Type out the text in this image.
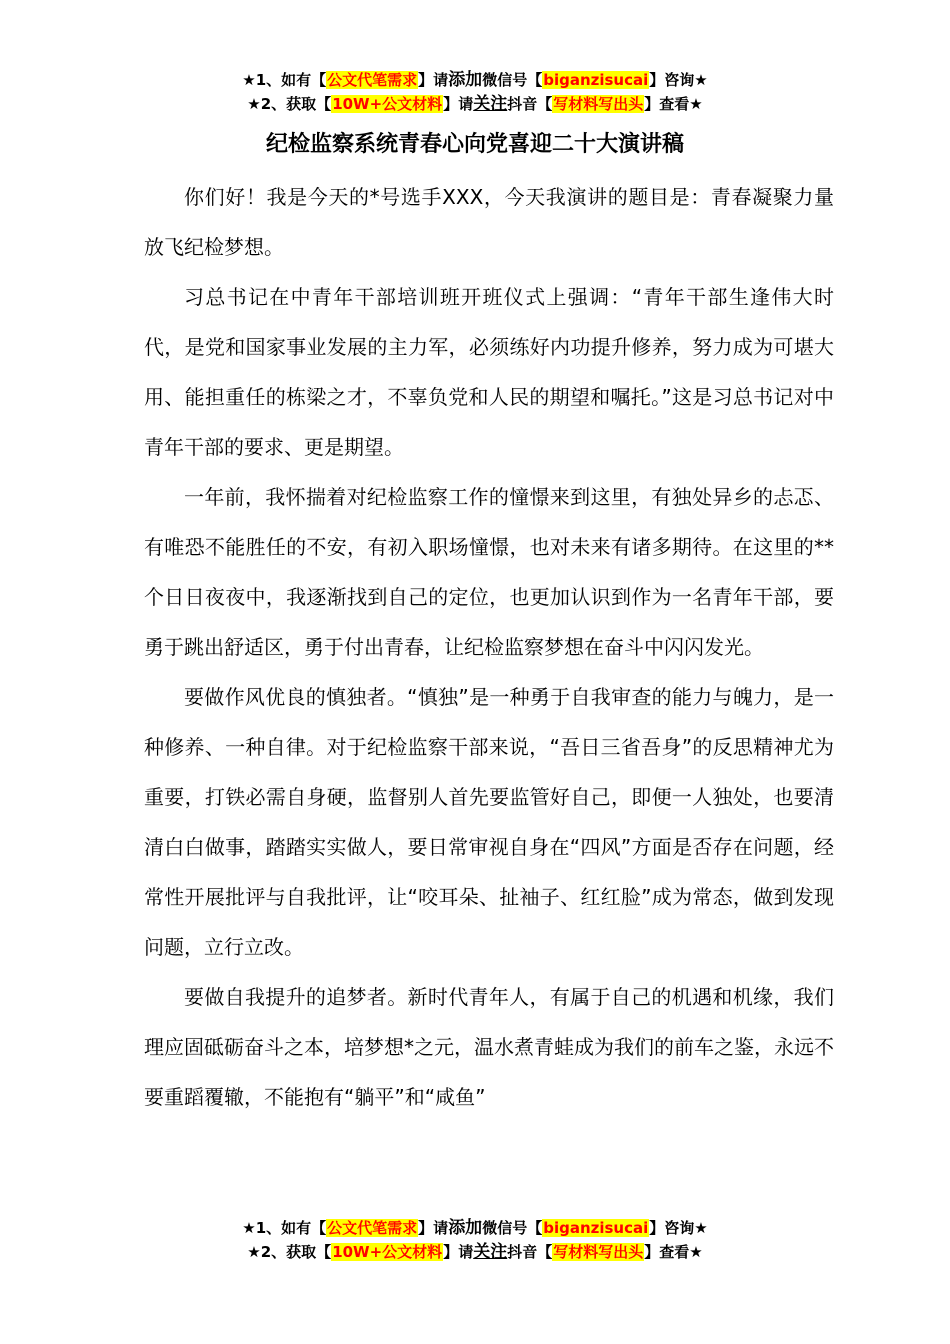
★1、如有【公文代笔需求】请添加微信号【biganzisucai】咨询★
★2、获取【10W+公文材料】请关注抖音【写材料写出头】查看★
纪检监察系统青春心向党喜迎二十大演讲稿

你们好！我是今天的*号选手XXX，今天我演讲的题目是：青春凝聚力量 放飞纪检梦想。

习总书记在中青年干部培训班开班仪式上强调：“青年干部生逢伟大时代，是党和国家事业发展的主力军，必须练好内功提升修养，努力成为可堪大用、能担重任的栋梁之才，不辜负党和人民的期望和嘱托。”这是习总书记对中青年干部的要求、更是期望。

一年前，我怀揣着对纪检监察工作的憧憬来到这里，有独处异乡的忐忑、有唯恐不能胜任的不安，有初入职场憧憬，也对未来有诸多期待。在这里的**个日日夜夜中，我逐渐找到自己的定位，也更加认识到作为一名青年干部，要勇于跳出舒适区，勇于付出青春，让纪检监察梦想在奋斗中闪闪发光。

要做作风优良的慎独者。“慎独”是一种勇于自我审查的能力与魄力，是一种修养、一种自律。对于纪检监察干部来说，“吾日三省吾身”的反思精神尤为重要，打铁必需自身硬，监督别人首先要监管好自己，即便一人独处，也要清清白白做事，踏踏实实做人，要日常审视自身在“四风”方面是否存在问题，经常性开展批评与自我批评，让“咬耳朵、扯袖子、红红脸”成为常态，做到发现问题，立行立改。

要做自我提升的追梦者。新时代青年人，有属于自己的机遇和机缘，我们理应固砥砺奋斗之本，培梦想*之元，温水煮青蛙成为我们的前车之鉴，永远不要重蹈覆辙，不能抱有“躺平”和“咸鱼”

★1、如有【公文代笔需求】请添加微信号【biganzisucai】咨询★
★2、获取【10W+公文材料】请关注抖音【写材料写出头】查看★
